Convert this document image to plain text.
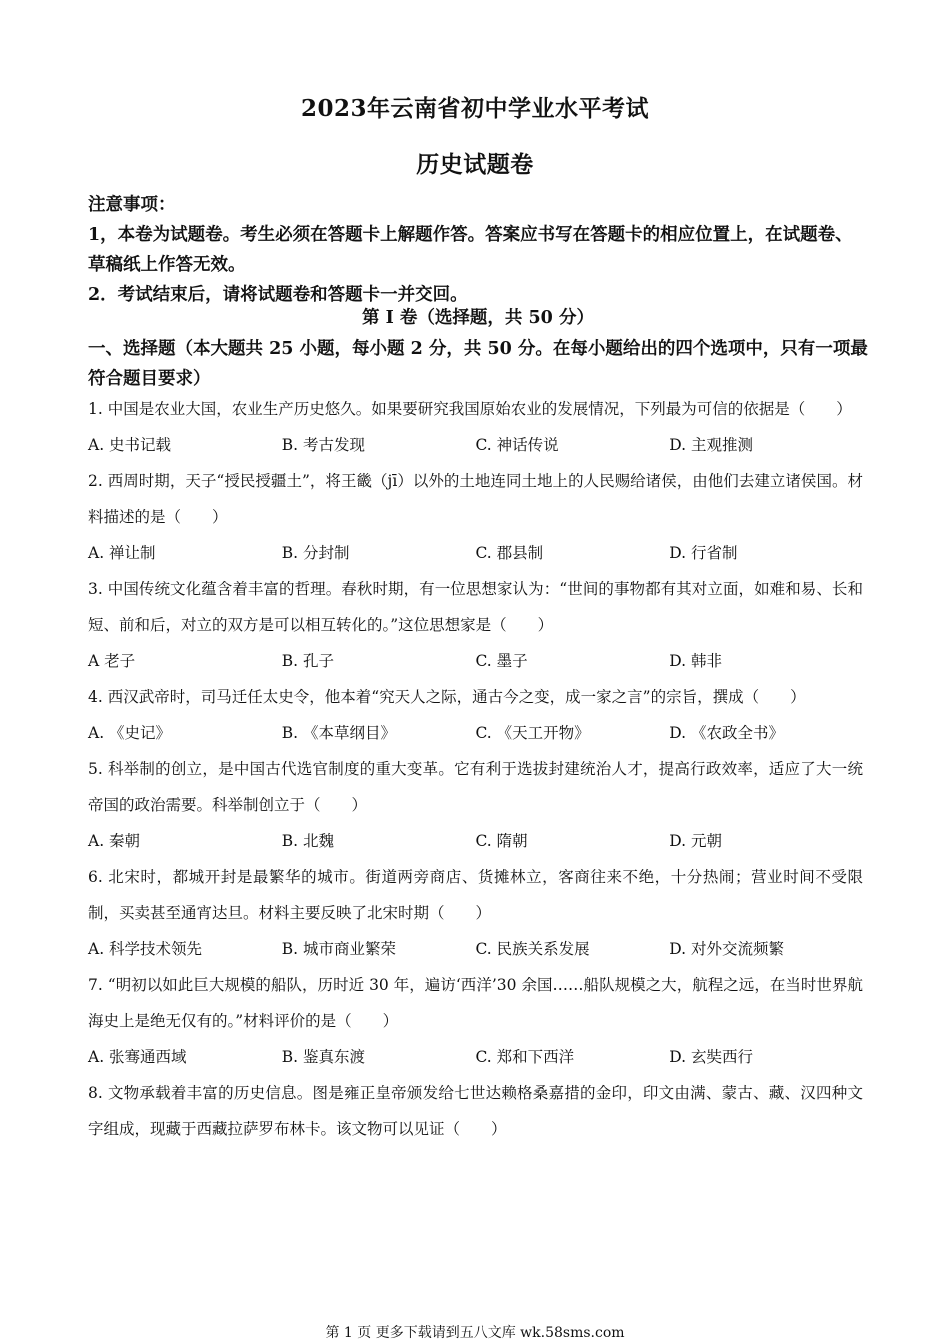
2023年云南省初中学业水平考试
历史试题卷
注意事项：
1，本卷为试题卷。考生必须在答题卡上解题作答。答案应书写在答题卡的相应位置上，在试题卷、草稿纸上作答无效。
2．考试结束后，请将试题卷和答题卡一并交回。
第 I 卷（选择题，共 50 分）
一、选择题（本大题共 25 小题，每小题 2 分，共 50 分。在每小题给出的四个选项中，只有一项最符合题目要求）
1. 中国是农业大国，农业生产历史悠久。如果要研究我国原始农业的发展情况，下列最为可信的依据是（　　）
A. 史书记载	B. 考古发现	C. 神话传说	D. 主观推测
2. 西周时期，天子“授民授疆土”，将王畿（jī）以外的土地连同土地上的人民赐给诸侯，由他们去建立诸侯国。材料描述的是（　　）
A. 禅让制	B. 分封制	C. 郡县制	D. 行省制
3. 中国传统文化蕴含着丰富的哲理。春秋时期，有一位思想家认为：“世间的事物都有其对立面，如难和易、长和短、前和后，对立的双方是可以相互转化的。”这位思想家是（　　）
A 老子	B. 孔子	C. 墨子	D. 韩非
4. 西汉武帝时，司马迁任太史令，他本着“究天人之际，通古今之变，成一家之言”的宗旨，撰成（　　）
A. 《史记》	B. 《本草纲目》	C. 《天工开物》	D. 《农政全书》
5. 科举制的创立，是中国古代选官制度的重大变革。它有利于选拔封建统治人才，提高行政效率，适应了大一统帝国的政治需要。科举制创立于（　　）
A. 秦朝	B. 北魏	C. 隋朝	D. 元朝
6. 北宋时，都城开封是最繁华的城市。街道两旁商店、货摊林立，客商往来不绝，十分热闹；营业时间不受限制，买卖甚至通宵达旦。材料主要反映了北宋时期（　　）
A. 科学技术领先	B. 城市商业繁荣	C. 民族关系发展	D. 对外交流频繁
7. “明初以如此巨大规模的船队，历时近 30 年，遍访‘西洋’30 余国……船队规模之大，航程之远，在当时世界航海史上是绝无仅有的。”材料评价的是（　　）
A. 张骞通西域	B. 鉴真东渡	C. 郑和下西洋	D. 玄奘西行
8. 文物承载着丰富的历史信息。图是雍正皇帝颁发给七世达赖格桑嘉措的金印，印文由满、蒙古、藏、汉四种文字组成，现藏于西藏拉萨罗布林卡。该文物可以见证（　　）
第 1 页 更多下载请到五八文库 wk.58sms.com
